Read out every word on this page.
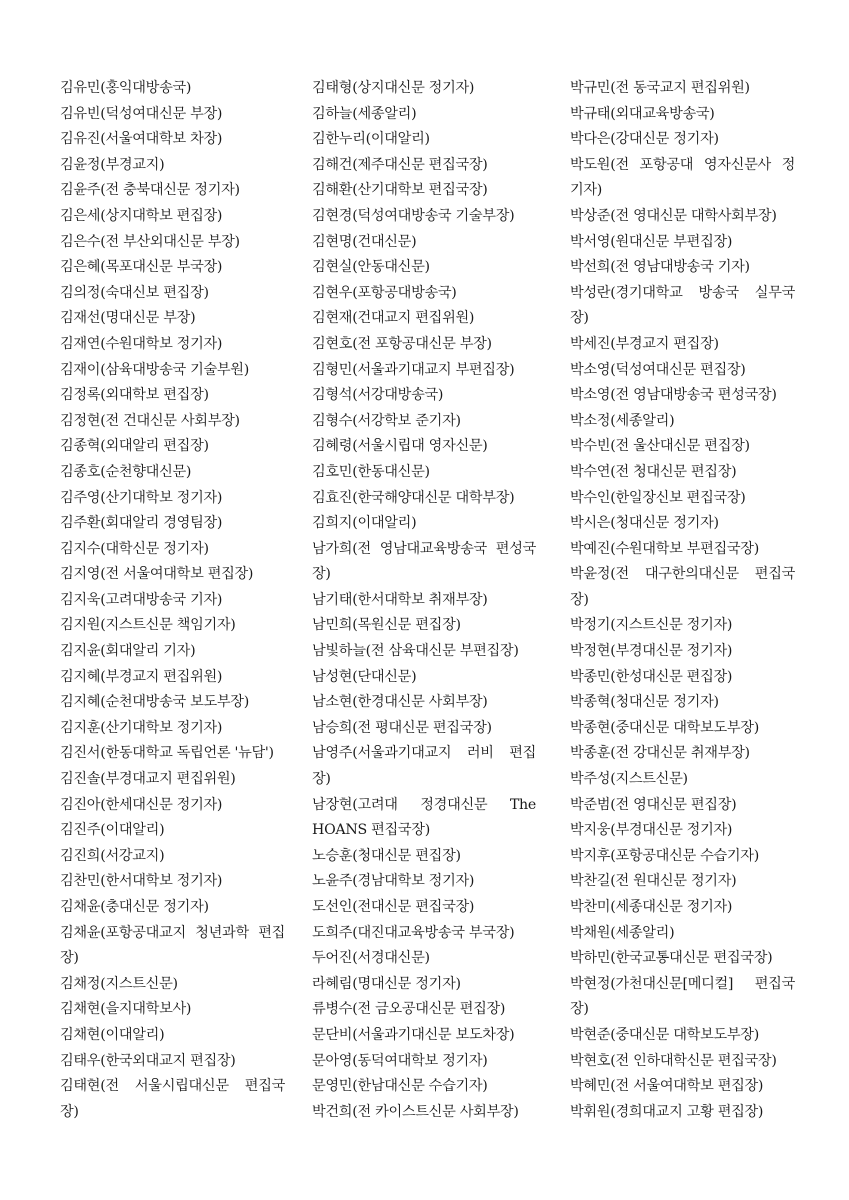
김유민(홍익대방송국)
김유빈(덕성여대신문 부장)
김유진(서울여대학보 차장)
김윤정(부경교지)
김윤주(전 충북대신문 정기자)
김은세(상지대학보 편집장)
김은수(전 부산외대신문 부장)
김은혜(목포대신문 부국장)
김의정(숙대신보 편집장)
김재선(명대신문 부장)
김재연(수원대학보 정기자)
김재이(삼육대방송국 기술부원)
김정록(외대학보 편집장)
김정현(전 건대신문 사회부장)
김종혁(외대알리 편집장)
김종호(순천향대신문)
김주영(산기대학보 정기자)
김주환(회대알리 경영팀장)
김지수(대학신문 정기자)
김지영(전 서울여대학보 편집장)
김지욱(고려대방송국 기자)
김지원(지스트신문 책임기자)
김지윤(회대알리 기자)
김지혜(부경교지 편집위원)
김지혜(순천대방송국 보도부장)
김지훈(산기대학보 정기자)
김진서(한동대학교 독립언론 '뉴담')
김진솔(부경대교지 편집위원)
김진아(한세대신문 정기자)
김진주(이대알리)
김진희(서강교지)
김찬민(한서대학보 정기자)
김채윤(충대신문 정기자)
김채윤(포항공대교지 청년과학 편집
장)
김채정(지스트신문)
김채현(을지대학보사)
김채현(이대알리)
김태우(한국외대교지 편집장)
김태현(전 서울시립대신문 편집국
장)
김태형(상지대신문 정기자)
김하늘(세종알리)
김한누리(이대알리)
김해건(제주대신문 편집국장)
김해환(산기대학보 편집국장)
김현경(덕성여대방송국 기술부장)
김현명(건대신문)
김현실(안동대신문)
김현우(포항공대방송국)
김현재(건대교지 편집위원)
김현호(전 포항공대신문 부장)
김형민(서울과기대교지 부편집장)
김형석(서강대방송국)
김형수(서강학보 준기자)
김혜령(서울시립대 영자신문)
김호민(한동대신문)
김효진(한국해양대신문 대학부장)
김희지(이대알리)
남가희(전 영남대교육방송국 편성국
장)
남기태(한서대학보 취재부장)
남민희(목원신문 편집장)
남빛하늘(전 삼육대신문 부편집장)
남성현(단대신문)
남소현(한경대신문 사회부장)
남승희(전 평대신문 편집국장)
남영주(서울과기대교지 러비 편집
장)
남장현(고려대 정경대신문 The
HOANS 편집국장)
노승훈(청대신문 편집장)
노윤주(경남대학보 정기자)
도선인(전대신문 편집국장)
도희주(대진대교육방송국 부국장)
두어진(서경대신문)
라혜림(명대신문 정기자)
류병수(전 금오공대신문 편집장)
문단비(서울과기대신문 보도차장)
문아영(동덕여대학보 정기자)
문영민(한남대신문 수습기자)
박건희(전 카이스트신문 사회부장)
박규민(전 동국교지 편집위원)
박규태(외대교육방송국)
박다은(강대신문 정기자)
박도원(전 포항공대 영자신문사 정
기자)
박상준(전 영대신문 대학사회부장)
박서영(원대신문 부편집장)
박선희(전 영남대방송국 기자)
박성란(경기대학교 방송국 실무국
장)
박세진(부경교지 편집장)
박소영(덕성여대신문 편집장)
박소영(전 영남대방송국 편성국장)
박소정(세종알리)
박수빈(전 울산대신문 편집장)
박수연(전 청대신문 편집장)
박수인(한일장신보 편집국장)
박시은(청대신문 정기자)
박예진(수원대학보 부편집국장)
박윤정(전 대구한의대신문 편집국
장)
박정기(지스트신문 정기자)
박정현(부경대신문 정기자)
박종민(한성대신문 편집장)
박종혁(청대신문 정기자)
박종현(중대신문 대학보도부장)
박종훈(전 강대신문 취재부장)
박주성(지스트신문)
박준범(전 영대신문 편집장)
박지웅(부경대신문 정기자)
박지후(포항공대신문 수습기자)
박찬길(전 원대신문 정기자)
박찬미(세종대신문 정기자)
박채원(세종알리)
박하민(한국교통대신문 편집국장)
박현정(가천대신문[메디컬] 편집국
장)
박현준(중대신문 대학보도부장)
박현호(전 인하대학신문 편집국장)
박혜민(전 서울여대학보 편집장)
박휘원(경희대교지 고황 편집장)
